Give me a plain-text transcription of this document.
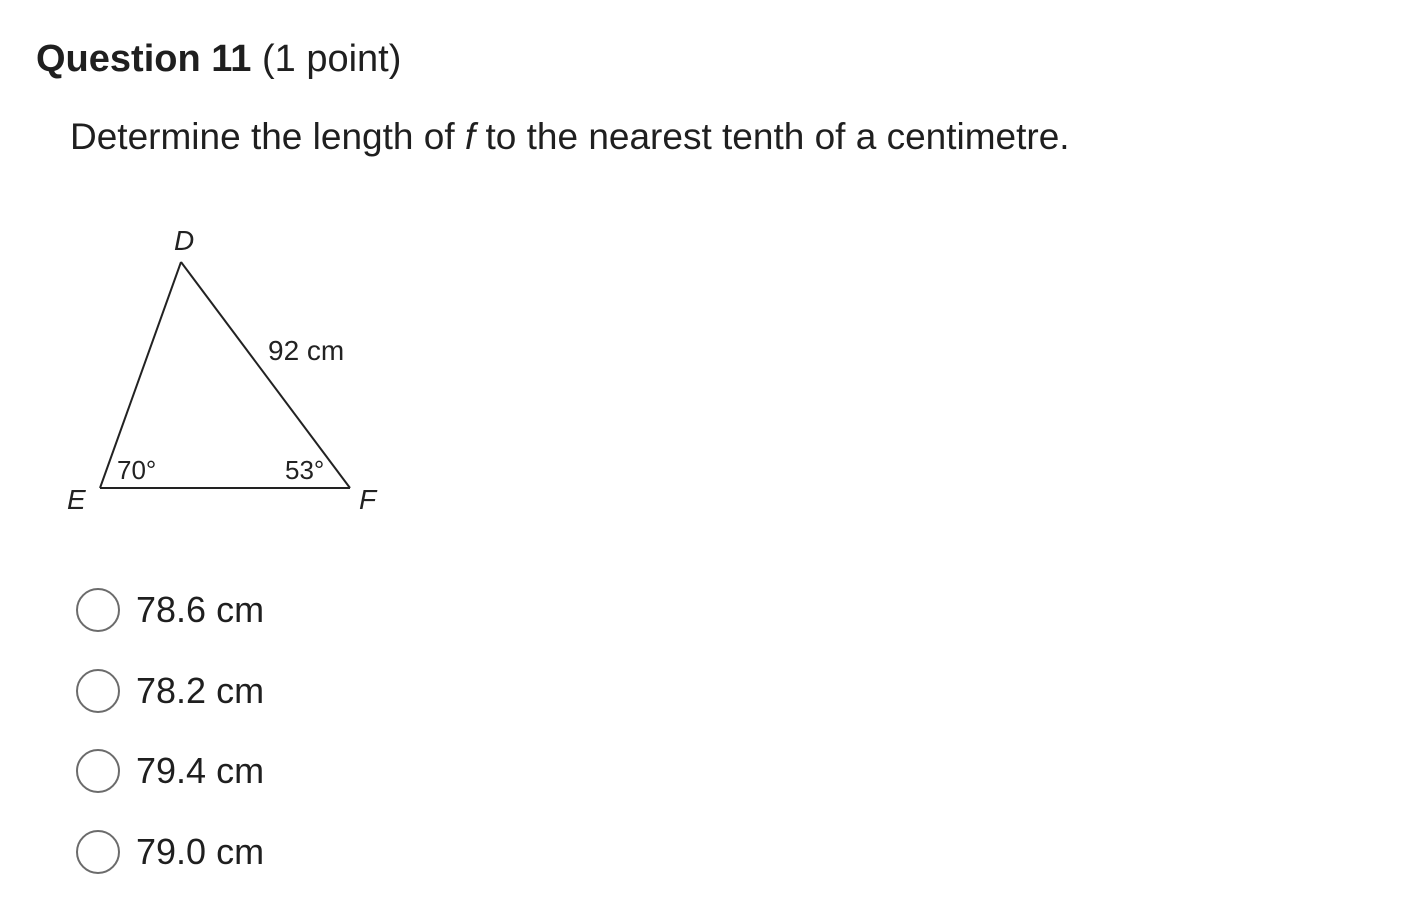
Question 11 (1 point)
Determine the length of f to the nearest tenth of a centimetre.
D
E	F
92 cm
70°	53°
78.6 cm
78.2 cm
79.4 cm
79.0 cm
